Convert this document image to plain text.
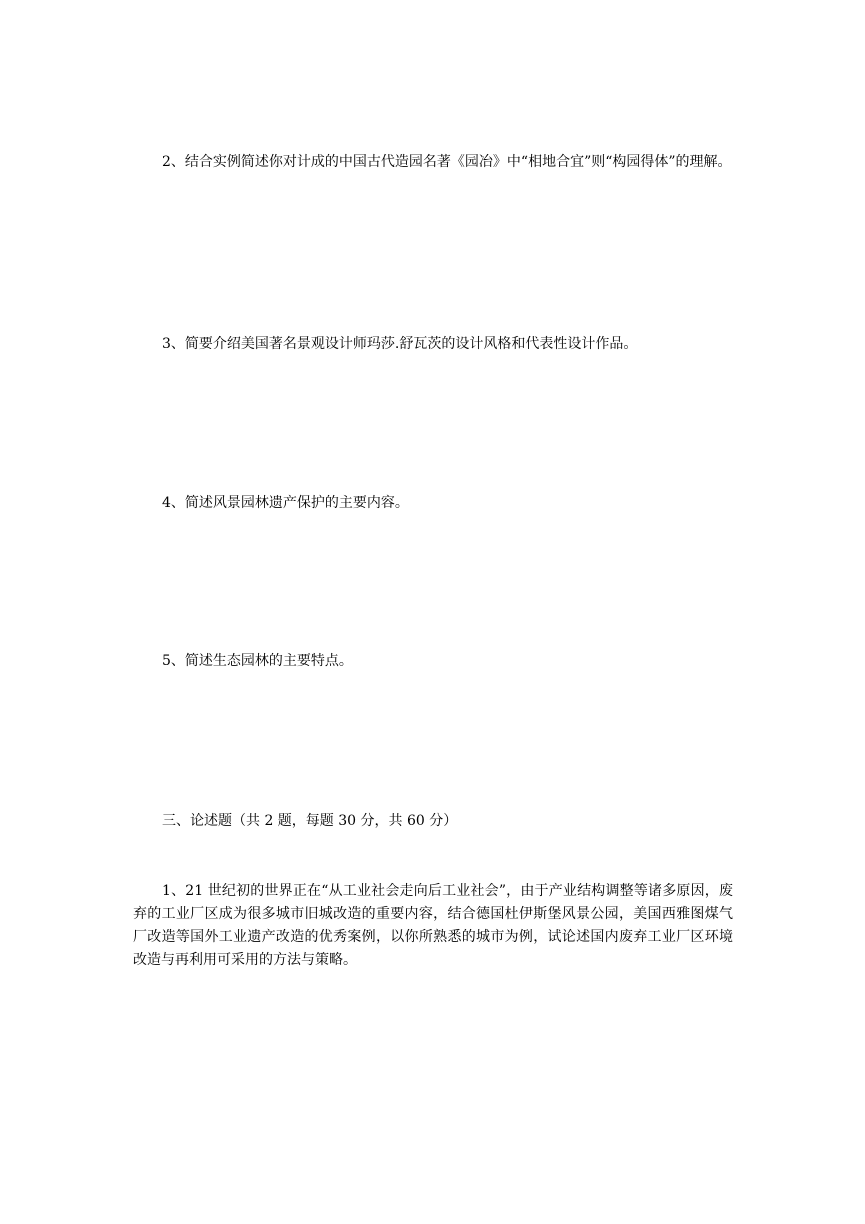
2、结合实例简述你对计成的中国古代造园名著《园冶》中“相地合宜”则“构园得体”的理解。

3、简要介绍美国著名景观设计师玛莎.舒瓦茨的设计风格和代表性设计作品。

4、简述风景园林遗产保护的主要内容。

5、简述生态园林的主要特点。

三、论述题（共 2 题，每题 30 分，共 60 分）

1、21 世纪初的世界正在“从工业社会走向后工业社会”，由于产业结构调整等诸多原因，废弃的工业厂区成为很多城市旧城改造的重要内容，结合德国杜伊斯堡风景公园，美国西雅图煤气厂改造等国外工业遗产改造的优秀案例，以你所熟悉的城市为例，试论述国内废弃工业厂区环境改造与再利用可采用的方法与策略。
